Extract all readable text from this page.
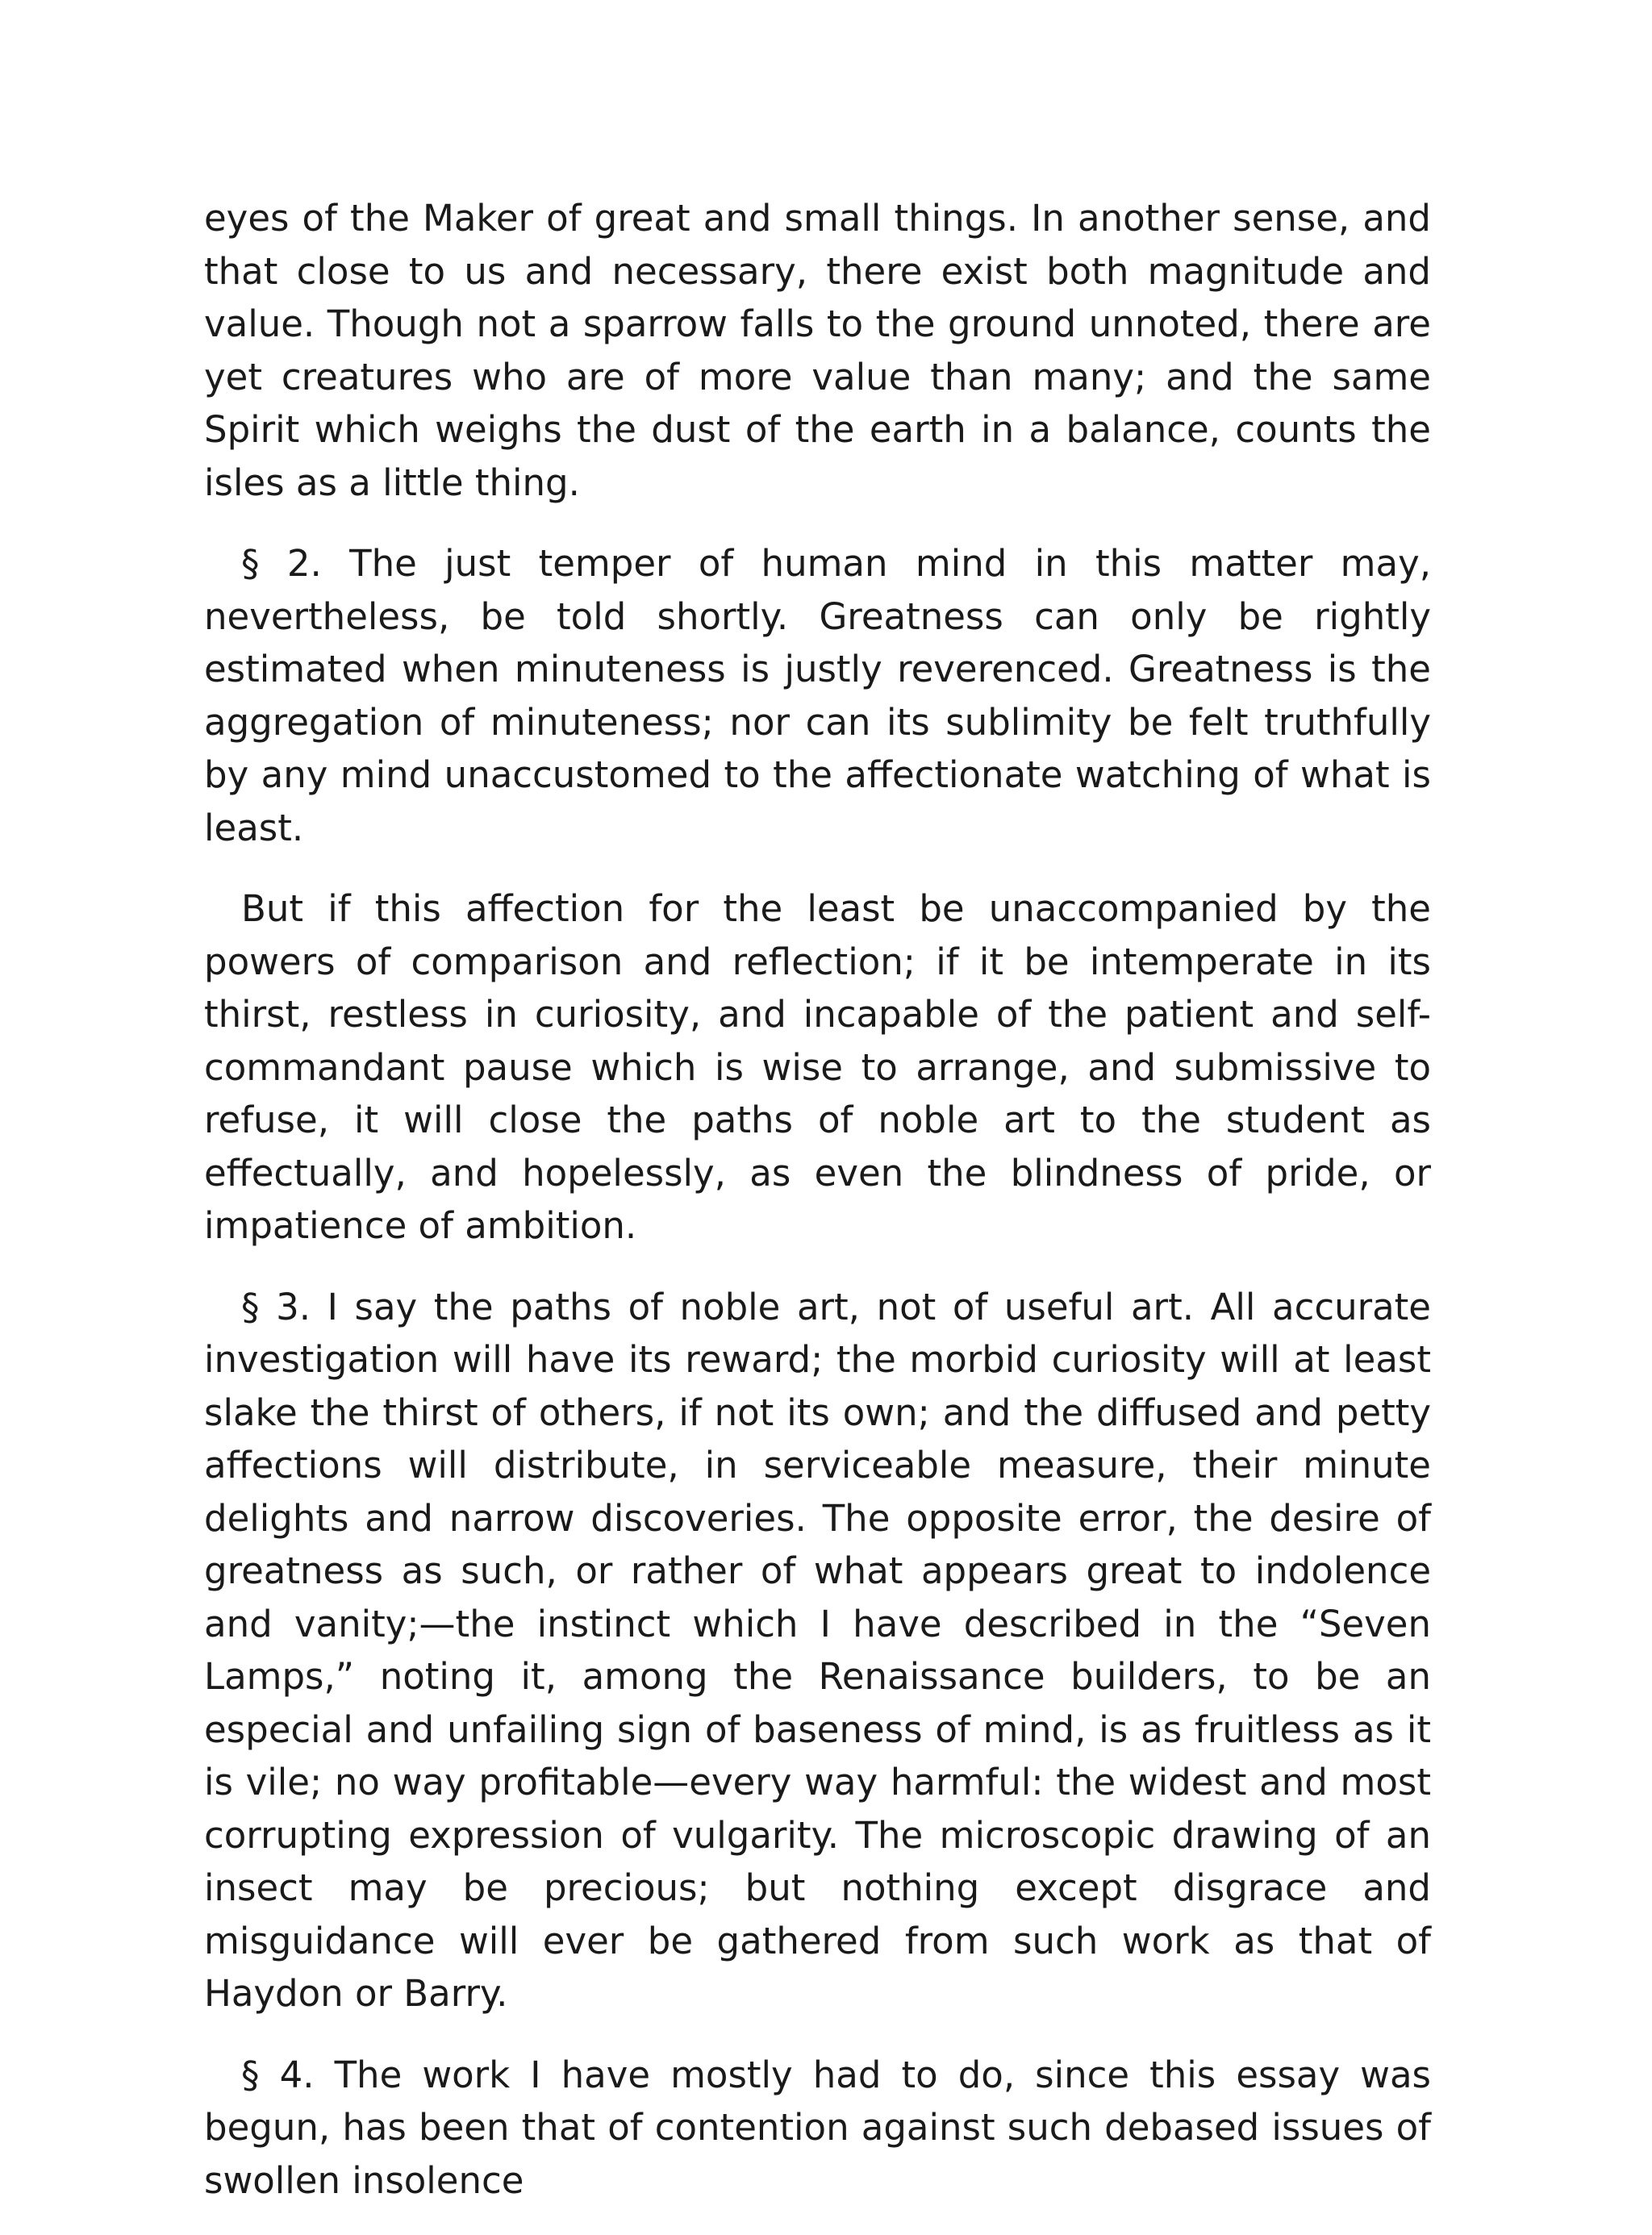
eyes of the Maker of great and small things. In another sense, and that close to us and necessary, there exist both magnitude and value. Though not a sparrow falls to the ground unnoted, there are yet creatures who are of more value than many; and the same Spirit which weighs the dust of the earth in a balance, counts the isles as a little thing.

§ 2. The just temper of human mind in this matter may, nevertheless, be told shortly. Greatness can only be rightly estimated when minuteness is justly reverenced. Greatness is the aggregation of minuteness; nor can its sublimity be felt truthfully by any mind unaccustomed to the affectionate watching of what is least.

But if this affection for the least be unaccompanied by the powers of comparison and reflection; if it be intemperate in its thirst, restless in curiosity, and incapable of the patient and self-commandant pause which is wise to arrange, and submissive to refuse, it will close the paths of noble art to the student as effectually, and hopelessly, as even the blindness of pride, or impatience of ambition.

§ 3. I say the paths of noble art, not of useful art. All accurate investigation will have its reward; the morbid curiosity will at least slake the thirst of others, if not its own; and the diffused and petty affections will distribute, in serviceable measure, their minute delights and narrow discoveries. The opposite error, the desire of greatness as such, or rather of what appears great to indolence and vanity;—the instinct which I have described in the “Seven Lamps,” noting it, among the Renaissance builders, to be an especial and unfailing sign of baseness of mind, is as fruitless as it is vile; no way profitable—every way harmful: the widest and most corrupting expression of vulgarity. The microscopic drawing of an insect may be precious; but nothing except disgrace and misguidance will ever be gathered from such work as that of Haydon or Barry.

§ 4. The work I have mostly had to do, since this essay was begun, has been that of contention against such debased issues of swollen insolence
